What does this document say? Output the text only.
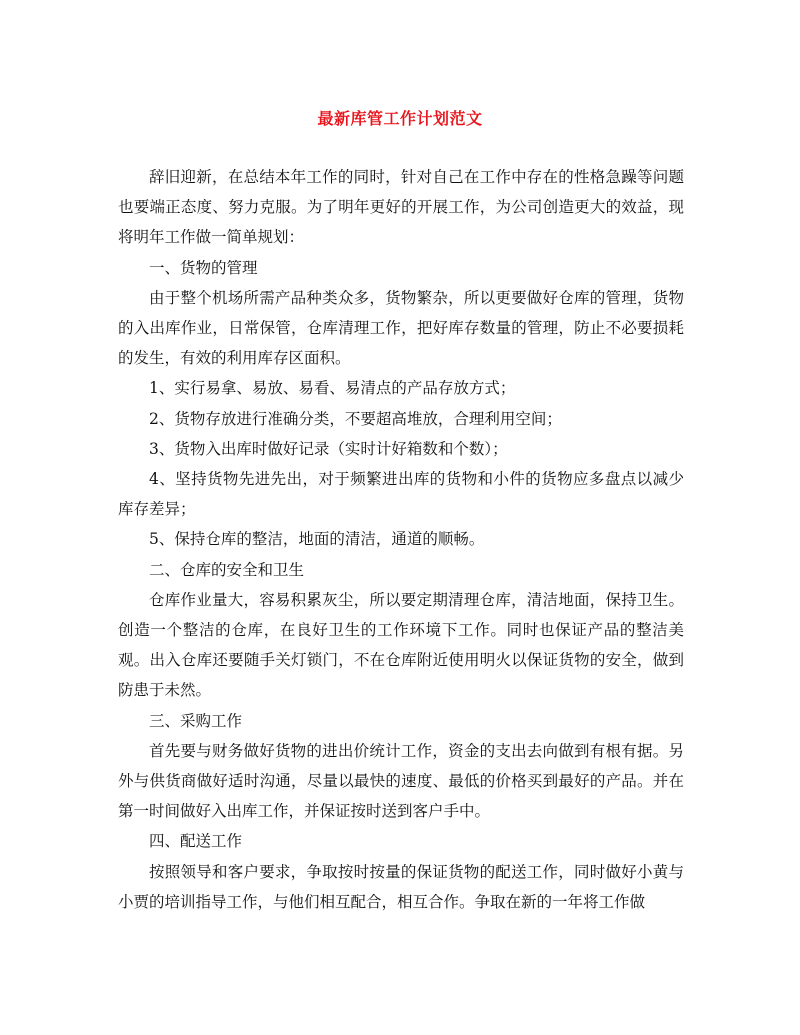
最新库管工作计划范文

辞旧迎新，在总结本年工作的同时，针对自己在工作中存在的性格急躁等问题也要端正态度、努力克服。为了明年更好的开展工作，为公司创造更大的效益，现将明年工作做一简单规划：

一、货物的管理

由于整个机场所需产品种类众多，货物繁杂，所以更要做好仓库的管理，货物的入出库作业，日常保管，仓库清理工作，把好库存数量的管理，防止不必要损耗的发生，有效的利用库存区面积。

1、实行易拿、易放、易看、易清点的产品存放方式；

2、货物存放进行准确分类，不要超高堆放，合理利用空间；

3、货物入出库时做好记录（实时计好箱数和个数）；

4、坚持货物先进先出，对于频繁进出库的货物和小件的货物应多盘点以减少库存差异；

5、保持仓库的整洁，地面的清洁，通道的顺畅。

二、仓库的安全和卫生

仓库作业量大，容易积累灰尘，所以要定期清理仓库，清洁地面，保持卫生。创造一个整洁的仓库，在良好卫生的工作环境下工作。同时也保证产品的整洁美观。出入仓库还要随手关灯锁门，不在仓库附近使用明火以保证货物的安全，做到防患于未然。

三、采购工作

首先要与财务做好货物的进出价统计工作，资金的支出去向做到有根有据。另外与供货商做好适时沟通，尽量以最快的速度、最低的价格买到最好的产品。并在第一时间做好入出库工作，并保证按时送到客户手中。

四、配送工作

按照领导和客户要求，争取按时按量的保证货物的配送工作，同时做好小黄与小贾的培训指导工作，与他们相互配合，相互合作。争取在新的一年将工作做
